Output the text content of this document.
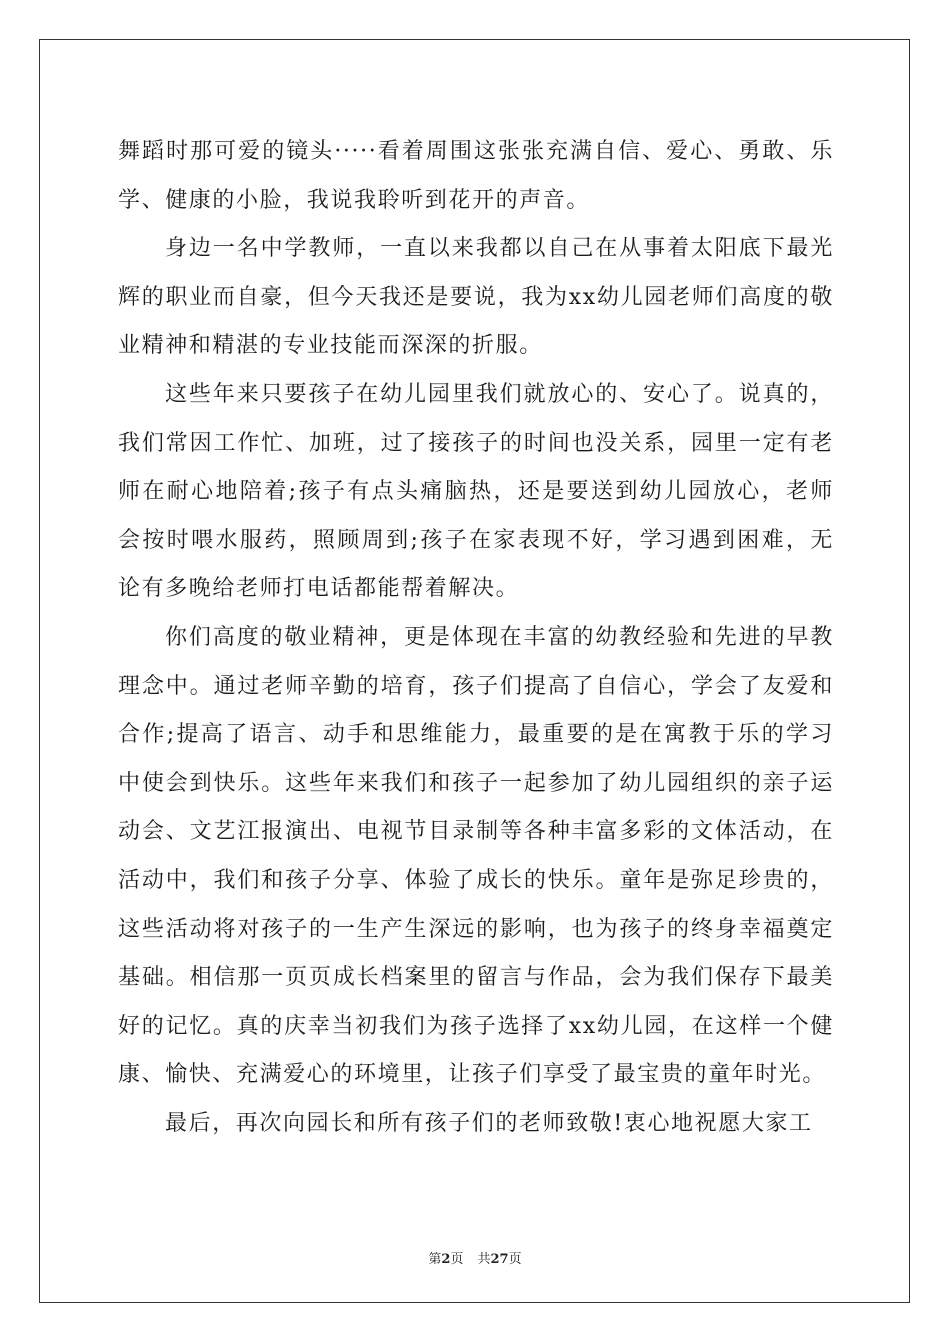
舞蹈时那可爱的镜头·····看着周围这张张充满自信、爱心、勇敢、乐学、健康的小脸，我说我聆听到花开的声音。

身边一名中学教师，一直以来我都以自己在从事着太阳底下最光辉的职业而自豪，但今天我还是要说，我为xx幼儿园老师们高度的敬业精神和精湛的专业技能而深深的折服。

这些年来只要孩子在幼儿园里我们就放心的、安心了。说真的，我们常因工作忙、加班，过了接孩子的时间也没关系，园里一定有老师在耐心地陪着;孩子有点头痛脑热，还是要送到幼儿园放心，老师会按时喂水服药，照顾周到;孩子在家表现不好，学习遇到困难，无论有多晚给老师打电话都能帮着解决。

你们高度的敬业精神，更是体现在丰富的幼教经验和先进的早教理念中。通过老师辛勤的培育，孩子们提高了自信心，学会了友爱和合作;提高了语言、动手和思维能力，最重要的是在寓教于乐的学习中使会到快乐。这些年来我们和孩子一起参加了幼儿园组织的亲子运动会、文艺江报演出、电视节目录制等各种丰富多彩的文体活动，在活动中，我们和孩子分享、体验了成长的快乐。童年是弥足珍贵的，这些活动将对孩子的一生产生深远的影响，也为孩子的终身幸福奠定基础。相信那一页页成长档案里的留言与作品，会为我们保存下最美好的记忆。真的庆幸当初我们为孩子选择了xx幼儿园，在这样一个健康、愉快、充满爱心的环境里，让孩子们享受了最宝贵的童年时光。

最后，再次向园长和所有孩子们的老师致敬!衷心地祝愿大家工

第2页 共27页
